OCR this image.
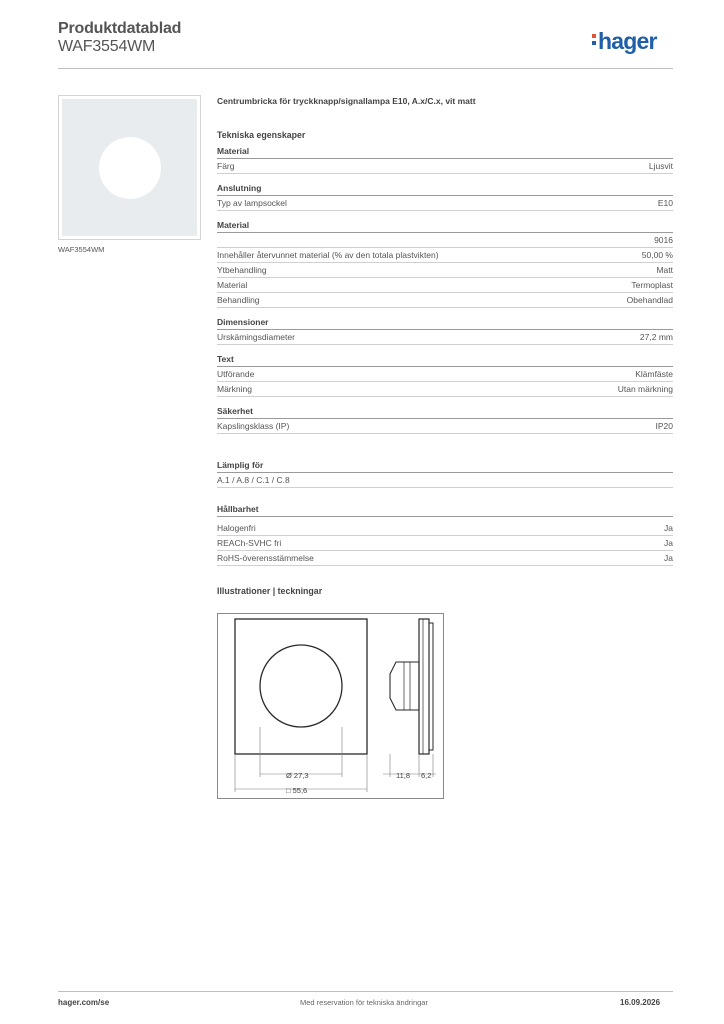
Produktdatablad
WAF3554WM	hager
WAF3554WM
Centrumbricka för tryckknapp/signallampa E10, A.x/C.x, vit matt
Tekniska egenskaper
Material
Färg	Ljusvit
Anslutning
Typ av lampsockel	E10
Material
9016
Innehåller återvunnet material (% av den totala plastvikten)	50,00 %
Ytbehandling	Matt
Material	Termoplast
Behandling	Obehandlad
Dimensioner
Urskämingsdiameter	27,2 mm
Text
Utförande	Klämfäste
Märkning	Utan märkning
Säkerhet
Kapslingsklass (IP)	IP20
Lämplig för
A.1 / A.8 / C.1 / C.8
Hållbarhet
Halogenfri	Ja
REACh-SVHC fri	Ja
RoHS-överensstämmelse	Ja
Illustrationer | teckningar
Ø 27,3
□ 55,6
11,8 6,2
hager.com/se	Med reservation för tekniska ändringar	16.09.2026
